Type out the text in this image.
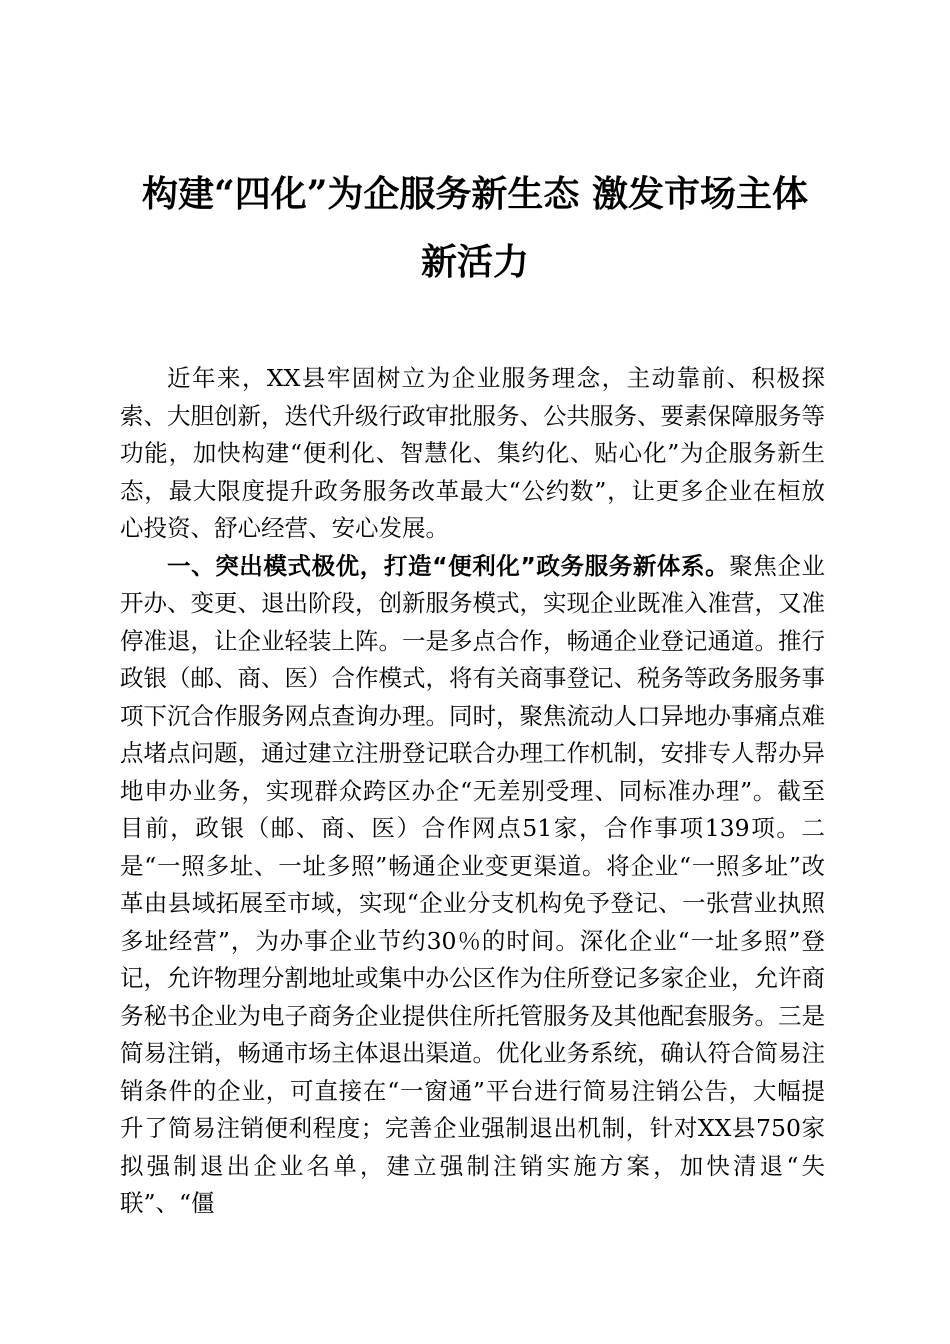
构建“四化”为企服务新生态 激发市场主体
新活力

近年来，XX县牢固树立为企业服务理念，主动靠前、积极探索、大胆创新，迭代升级行政审批服务、公共服务、要素保障服务等功能，加快构建“便利化、智慧化、集约化、贴心化”为企服务新生态，最大限度提升政务服务改革最大“公约数”，让更多企业在桓放心投资、舒心经营、安心发展。

一、突出模式极优，打造“便利化”政务服务新体系。聚焦企业开办、变更、退出阶段，创新服务模式，实现企业既准入准营，又准停准退，让企业轻装上阵。一是多点合作，畅通企业登记通道。推行政银（邮、商、医）合作模式，将有关商事登记、税务等政务服务事项下沉合作服务网点查询办理。同时，聚焦流动人口异地办事痛点难点堵点问题，通过建立注册登记联合办理工作机制，安排专人帮办异地申办业务，实现群众跨区办企“无差别受理、同标准办理”。截至目前，政银（邮、商、医）合作网点51家，合作事项139项。二是“一照多址、一址多照”畅通企业变更渠道。将企业“一照多址”改革由县域拓展至市域，实现“企业分支机构免予登记、一张营业执照多址经营”，为办事企业节约30％的时间。深化企业“一址多照”登记，允许物理分割地址或集中办公区作为住所登记多家企业，允许商务秘书企业为电子商务企业提供住所托管服务及其他配套服务。三是简易注销，畅通市场主体退出渠道。优化业务系统，确认符合简易注销条件的企业，可直接在“一窗通”平台进行简易注销公告，大幅提升了简易注销便利程度；完善企业强制退出机制，针对XX县750家拟强制退出企业名单，建立强制注销实施方案，加快清退“失联”、“僵
